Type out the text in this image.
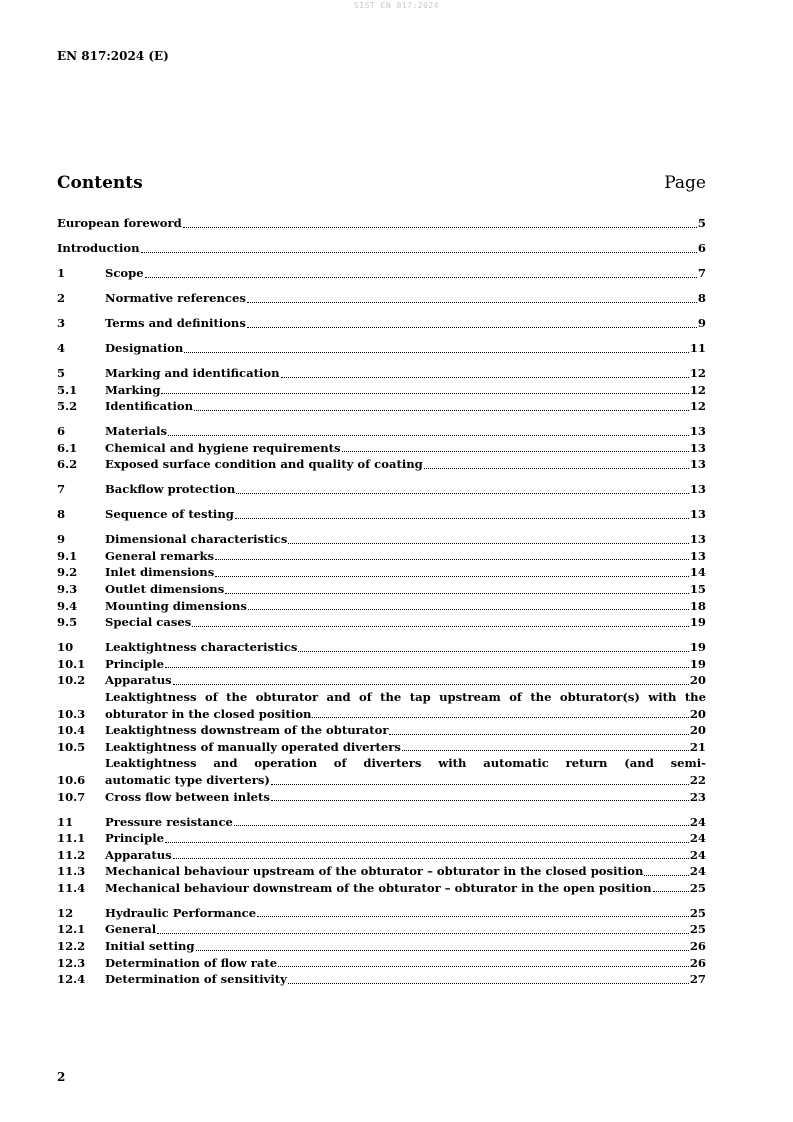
SIST EN 817:2024
EN 817:2024 (E)
Contents	Page
European foreword	5
Introduction	6
1	Scope	7
2	Normative references	8
3	Terms and definitions	9
4	Designation	11
5	Marking and identification	12
5.1	Marking	12
5.2	Identification	12
6	Materials	13
6.1	Chemical and hygiene requirements	13
6.2	Exposed surface condition and quality of coating	13
7	Backflow protection	13
8	Sequence of testing	13
9	Dimensional characteristics	13
9.1	General remarks	13
9.2	Inlet dimensions	14
9.3	Outlet dimensions	15
9.4	Mounting dimensions	18
9.5	Special cases	19
10	Leaktightness characteristics	19
10.1	Principle	19
10.2	Apparatus	20
10.3
Leaktightness of the obturator and of the tap upstream of the obturator(s) with the
obturator in the closed position	20
10.4	Leaktightness downstream of the obturator	20
10.5	Leaktightness of manually operated diverters	21
10.6
Leaktightness and operation of diverters with automatic return (and semi-
automatic type diverters)	22
10.7	Cross flow between inlets	23
11	Pressure resistance	24
11.1	Principle	24
11.2	Apparatus	24
11.3	Mechanical behaviour upstream of the obturator – obturator in the closed position	24
11.4	Mechanical behaviour downstream of the obturator – obturator in the open position	25
12	Hydraulic Performance	25
12.1	General	25
12.2	Initial setting	26
12.3	Determination of flow rate	26
12.4	Determination of sensitivity	27
2
